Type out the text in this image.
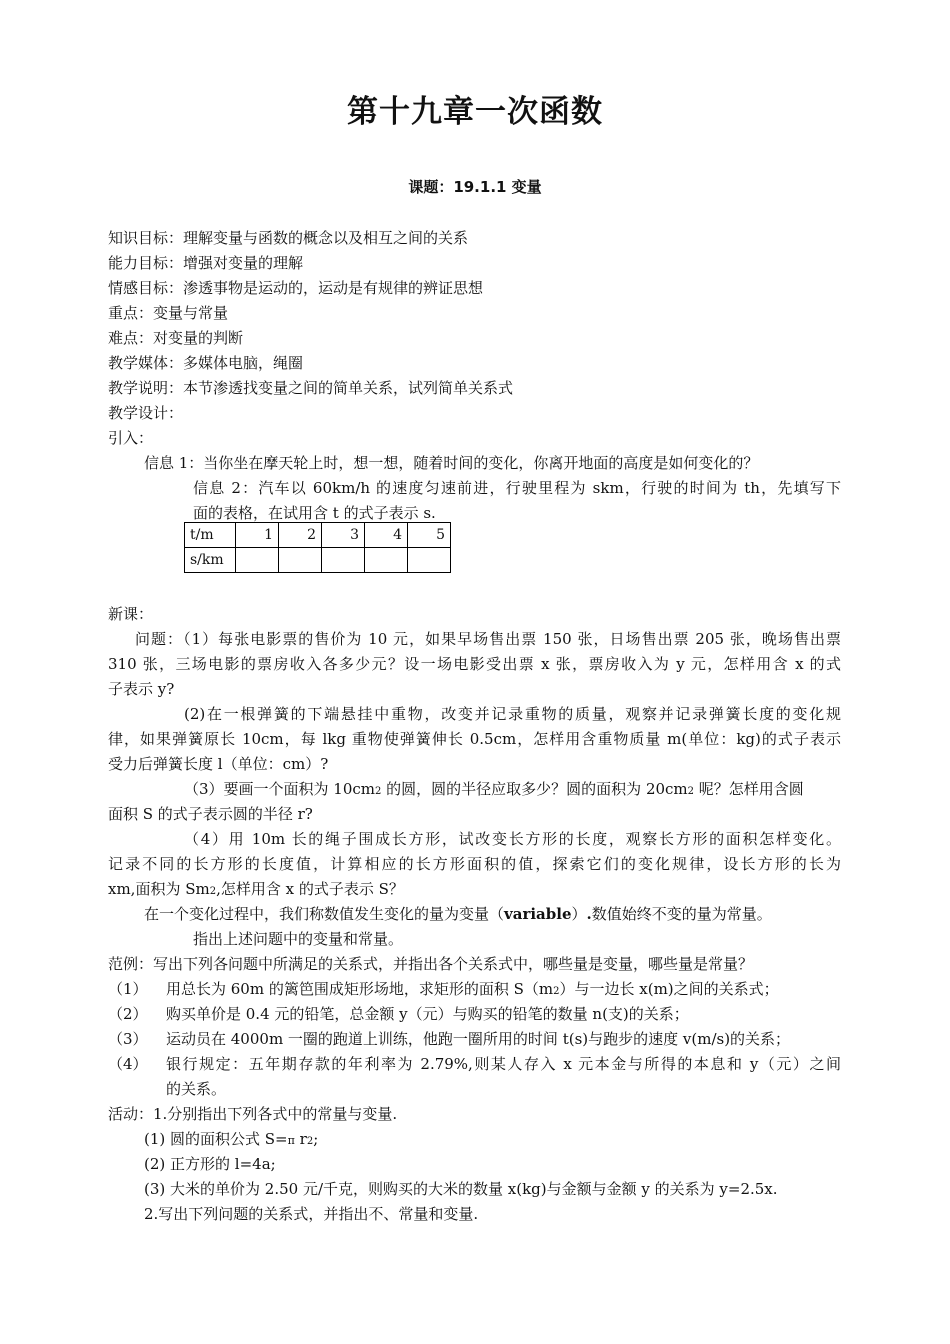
第十九章一次函数
课题：19.1.1 变量
知识目标：理解变量与函数的概念以及相互之间的关系
能力目标：增强对变量的理解
情感目标：渗透事物是运动的，运动是有规律的辨证思想
重点：变量与常量
难点：对变量的判断
教学媒体：多媒体电脑，绳圈
教学说明：本节渗透找变量之间的简单关系，试列简单关系式
教学设计：
引入：
信息 1：当你坐在摩天轮上时，想一想，随着时间的变化，你离开地面的高度是如何变化的？
信息 2：汽车以 60km/h 的速度匀速前进，行驶里程为 skm，行驶的时间为 th，先填写下
面的表格，在试用含 t 的式子表示 s.
t/m	1	2	3	4	5
s/km					
新课：
问题：（1）每张电影票的售价为 10 元，如果早场售出票 150 张，日场售出票 205 张，晚场售出票
310 张，三场电影的票房收入各多少元？设一场电影受出票 x 张，票房收入为 y 元，怎样用含 x 的式
子表示 y?
(2)在一根弹簧的下端悬挂中重物，改变并记录重物的质量，观察并记录弹簧长度的变化规
律，如果弹簧原长 10cm，每 lkg 重物使弹簧伸长 0.5cm，怎样用含重物质量 m(单位：kg)的式子表示
受力后弹簧长度 l（单位：cm）?
（3）要画一个面积为 10cm2 的圆，圆的半径应取多少？圆的面积为 20cm2 呢？怎样用含圆
面积 S 的式子表示圆的半径 r?
（4）用 10m 长的绳子围成长方形，试改变长方形的长度，观察长方形的面积怎样变化。
记录不同的长方形的长度值，计算相应的长方形面积的值，探索它们的变化规律，设长方形的长为
xm,面积为 Sm2,怎样用含 x 的式子表示 S？
在一个变化过程中，我们称数值发生变化的量为变量（variable）.数值始终不变的量为常量。
指出上述问题中的变量和常量。
范例：写出下列各问题中所满足的关系式，并指出各个关系式中，哪些量是变量，哪些量是常量？
（1） 用总长为 60m 的篱笆围成矩形场地，求矩形的面积 S（m2）与一边长 x(m)之间的关系式；
（2） 购买单价是 0.4 元的铅笔，总金额 y（元）与购买的铅笔的数量 n(支)的关系；
（3） 运动员在 4000m 一圈的跑道上训练，他跑一圈所用的时间 t(s)与跑步的速度 v(m/s)的关系；
（4） 银行规定：五年期存款的年利率为 2.79%,则某人存入 x 元本金与所得的本息和 y（元）之间
的关系。
活动：1.分别指出下列各式中的常量与变量.
(1) 圆的面积公式 S=π r2;
(2) 正方形的 l=4a;
(3) 大米的单价为 2.50 元/千克，则购买的大米的数量 x(kg)与金额与金额 y 的关系为 y=2.5x.
2.写出下列问题的关系式，并指出不、常量和变量.
